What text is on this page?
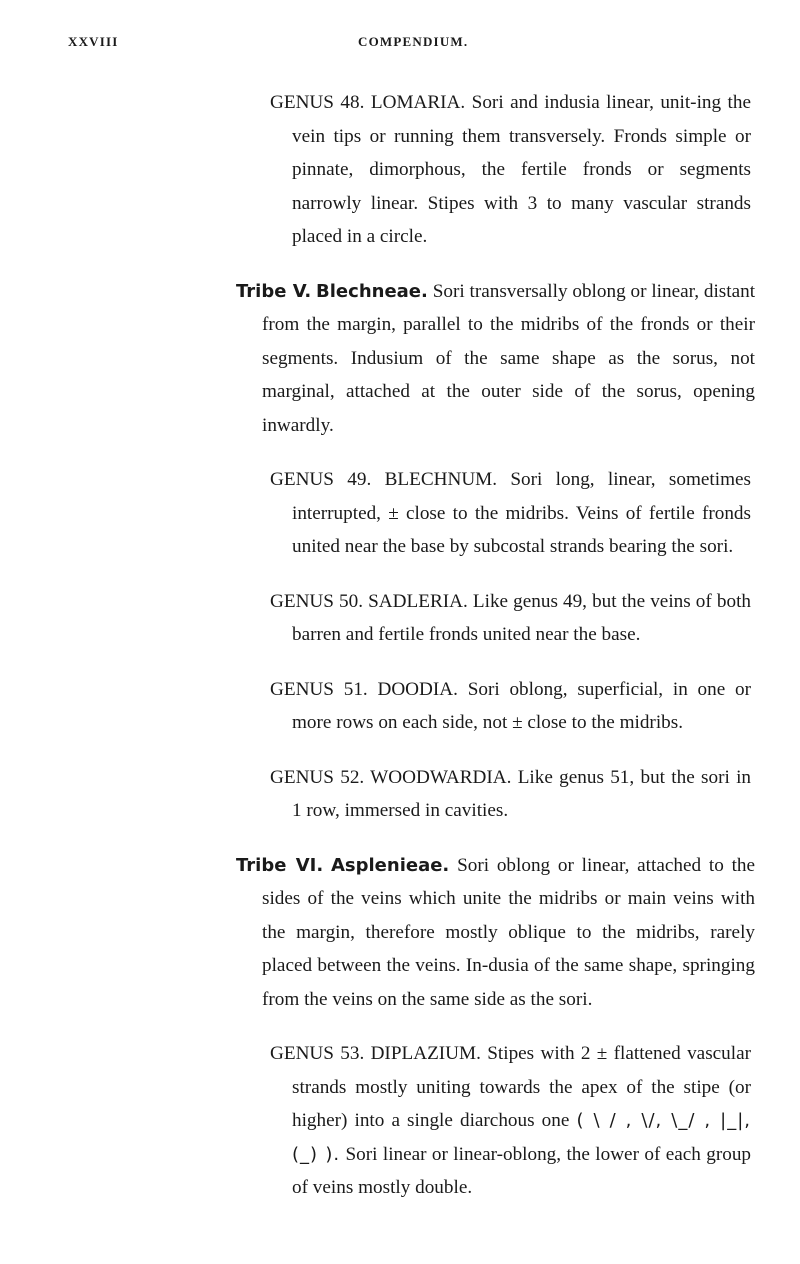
XXVIII	COMPENDIUM.

GENUS 48. LOMARIA. Sori and indusia linear, unit-ing the vein tips or running them transversely. Fronds simple or pinnate, dimorphous, the fertile fronds or segments narrowly linear. Stipes with 3 to many vascular strands placed in a circle.

Tribe V. Blechneae. Sori transversally oblong or linear, distant from the margin, parallel to the midribs of the fronds or their segments. Indusium of the same shape as the sorus, not marginal, attached at the outer side of the sorus, opening inwardly.

GENUS 49. BLECHNUM. Sori long, linear, sometimes interrupted, ± close to the midribs. Veins of fertile fronds united near the base by subcostal strands bearing the sori.

GENUS 50. SADLERIA. Like genus 49, but the veins of both barren and fertile fronds united near the base.

GENUS 51. DOODIA. Sori oblong, superficial, in one or more rows on each side, not ± close to the midribs.

GENUS 52. WOODWARDIA. Like genus 51, but the sori in 1 row, immersed in cavities.

Tribe VI. Asplenieae. Sori oblong or linear, attached to the sides of the veins which unite the midribs or main veins with the margin, therefore mostly oblique to the midribs, rarely placed between the veins. In-dusia of the same shape, springing from the veins on the same side as the sori.

GENUS 53. DIPLAZIUM. Stipes with 2 ± flattened vascular strands mostly uniting towards the apex of the stipe (or higher) into a single diarchous one ( \ / , \/, \_/ , |_|, (_) ). Sori linear or linear-oblong, the lower of each group of veins mostly double.
